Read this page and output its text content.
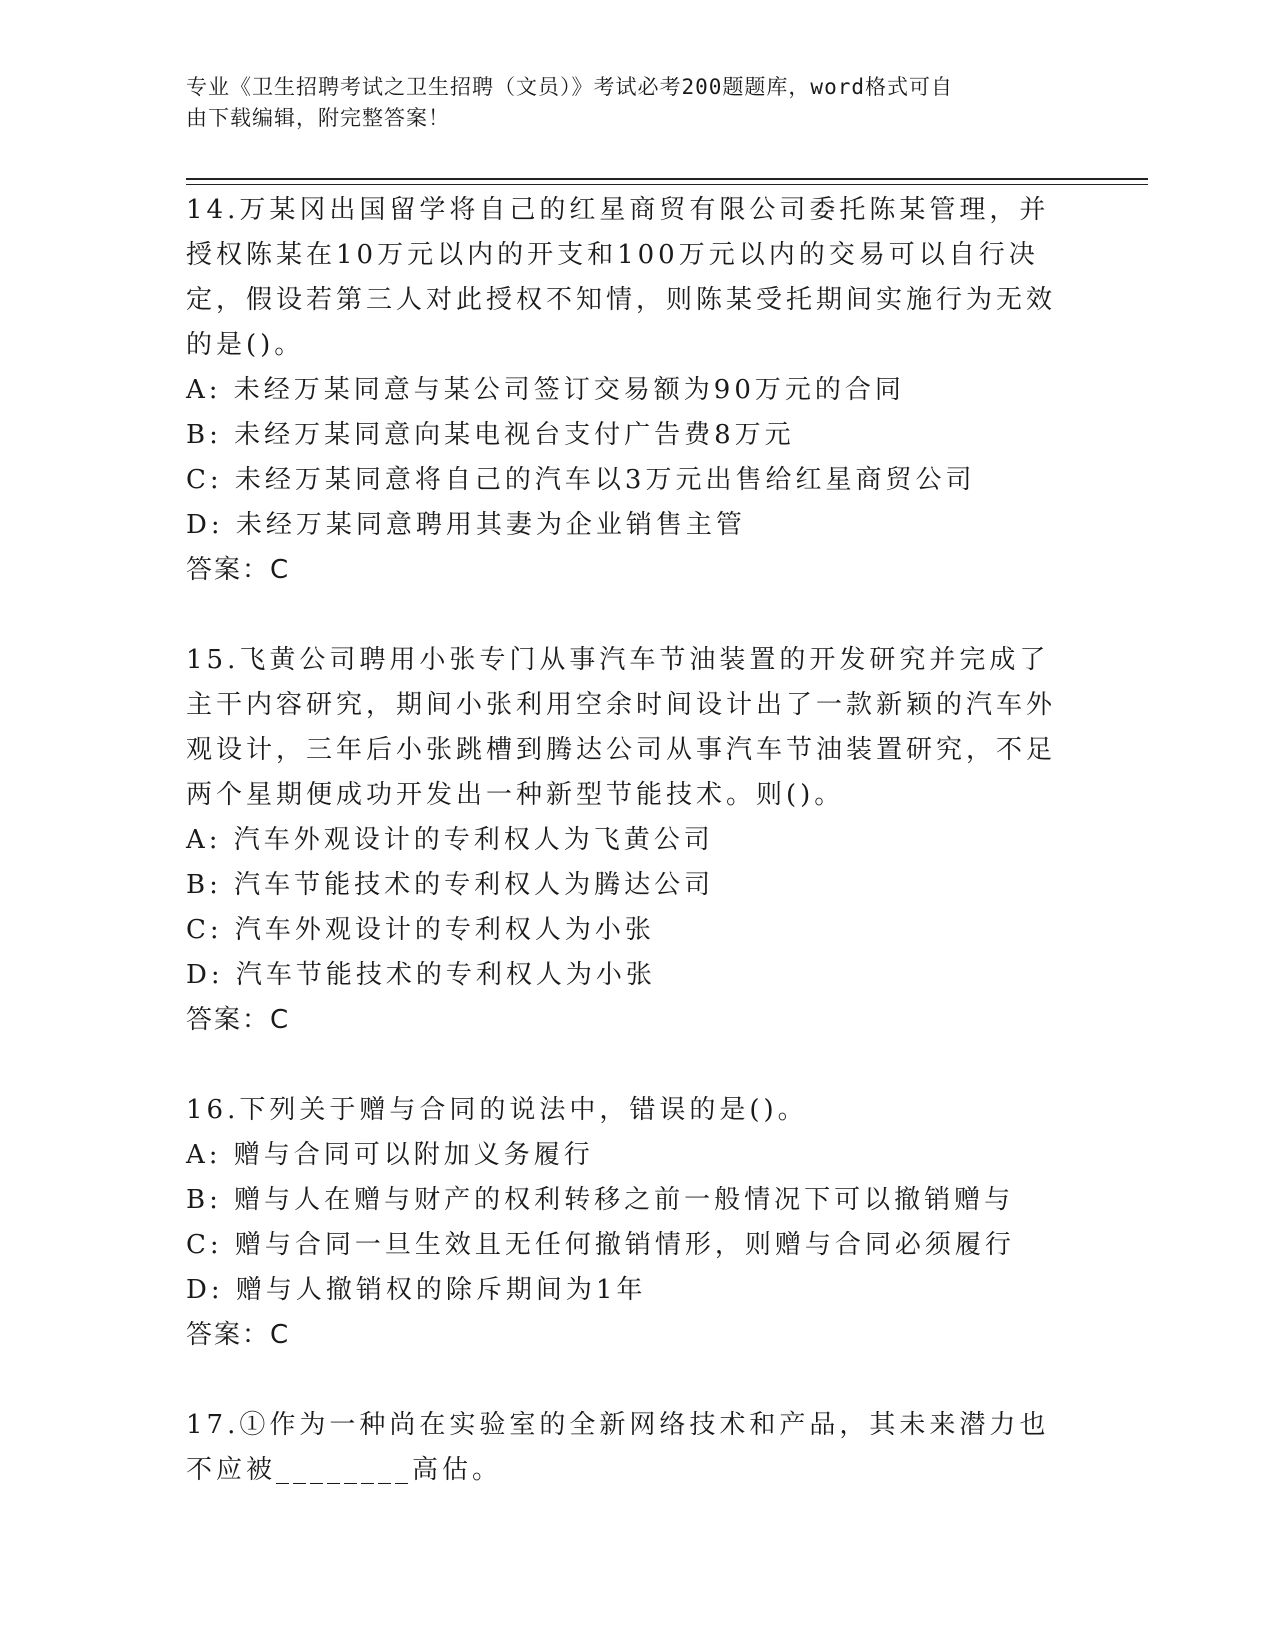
专业《卫生招聘考试之卫生招聘（文员）》考试必考200题题库，word格式可自
由下载编辑，附完整答案！
14.万某冈出国留学将自己的红星商贸有限公司委托陈某管理，并授权陈某在10万元以内的开支和100万元以内的交易可以自行决定，假设若第三人对此授权不知情，则陈某受托期间实施行为无效的是()。
A: 未经万某同意与某公司签订交易额为90万元的合同
B: 未经万某同意向某电视台支付广告费8万元
C: 未经万某同意将自己的汽车以3万元出售给红星商贸公司
D: 未经万某同意聘用其妻为企业销售主管
答案：C
15.飞黄公司聘用小张专门从事汽车节油装置的开发研究并完成了主干内容研究，期间小张利用空余时间设计出了一款新颖的汽车外观设计，三年后小张跳槽到腾达公司从事汽车节油装置研究，不足两个星期便成功开发出一种新型节能技术。则()。
A: 汽车外观设计的专利权人为飞黄公司
B: 汽车节能技术的专利权人为腾达公司
C: 汽车外观设计的专利权人为小张
D: 汽车节能技术的专利权人为小张
答案：C
16.下列关于赠与合同的说法中，错误的是()。
A: 赠与合同可以附加义务履行
B: 赠与人在赠与财产的权利转移之前一般情况下可以撤销赠与
C: 赠与合同一旦生效且无任何撤销情形，则赠与合同必须履行
D: 赠与人撤销权的除斥期间为1年
答案：C
17.①作为一种尚在实验室的全新网络技术和产品，其未来潜力也不应被________高估。
